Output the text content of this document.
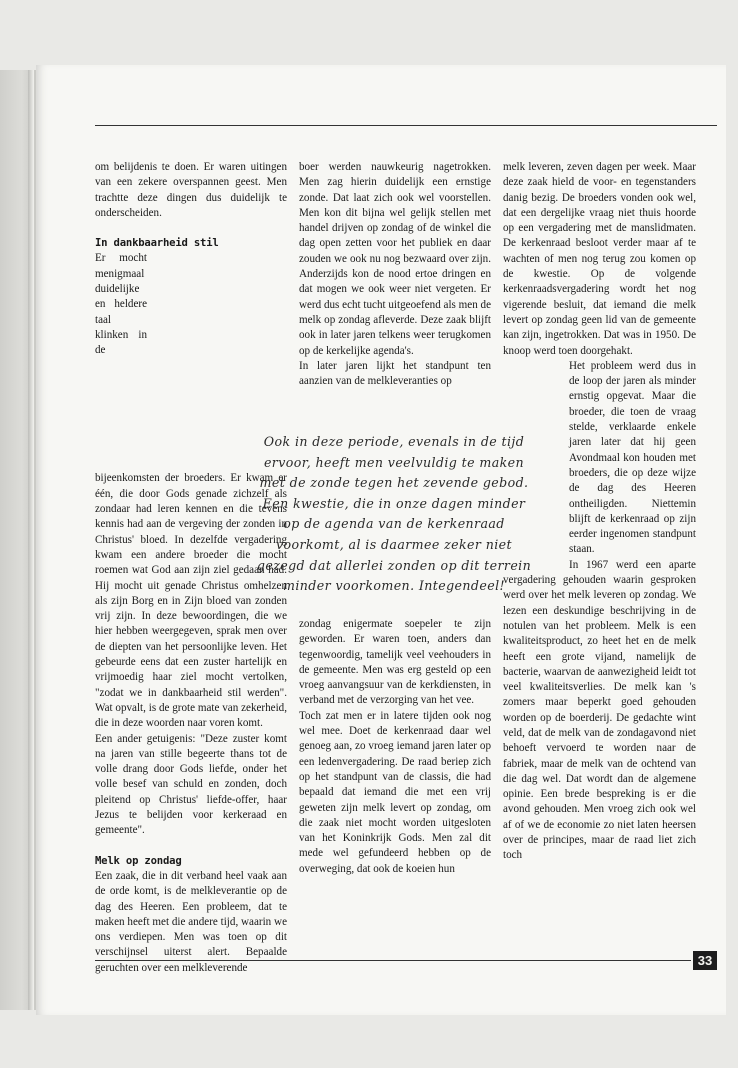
om belijdenis te doen. Er waren uitingen van een zekere overspannen geest. Men trachtte deze dingen dus duidelijk te onderscheiden.

In dankbaarheid stil

Er mocht menigmaal duidelijke en heldere taal klinken in de bijeenkomsten der broeders. Er kwam er één, die door Gods genade zichzelf als zondaar had leren kennen en die tevens kennis had aan de vergeving der zonden in Christus' bloed. In dezelfde vergadering kwam een andere broeder die mocht roemen wat God aan zijn ziel gedaan had. Hij mocht uit genade Christus omhelzen als zijn Borg en in Zijn bloed van zonden vrij zijn. In deze bewoordingen, die we hier hebben weergegeven, sprak men over de diepten van het persoonlijke leven. Het gebeurde eens dat een zuster hartelijk en vrijmoedig haar ziel mocht vertolken, "zodat we in dankbaarheid stil werden". Wat opvalt, is de grote mate van zekerheid, die in deze woorden naar voren komt.

Een ander getuigenis: "Deze zuster komt na jaren van stille begeerte thans tot de volle drang door Gods liefde, onder het volle besef van schuld en zonden, doch pleitend op Christus' liefde-offer, haar Jezus te belijden voor kerkeraad en gemeente".

Melk op zondag

Een zaak, die in dit verband heel vaak aan de orde komt, is de melkleverantie op de dag des Heeren. Een probleem, dat te maken heeft met die andere tijd, waarin we ons verdiepen. Men was toen op dit verschijnsel uiterst alert. Bepaalde geruchten over een melkleverende

boer werden nauwkeurig nagetrokken. Men zag hierin duidelijk een ernstige zonde. Dat laat zich ook wel voorstellen. Men kon dit bijna wel gelijk stellen met handel drijven op zondag of de winkel die dag open zetten voor het publiek en daar zouden we ook nu nog bezwaard over zijn. Anderzijds kon de nood ertoe dringen en dat mogen we ook weer niet vergeten. Er werd dus echt tucht uitgeoefend als men de melk op zondag afleverde. Deze zaak blijft ook in later jaren telkens weer terugkomen op de kerkelijke agenda's.

In later jaren lijkt het standpunt ten aanzien van de melkleveranties op

zondag enigermate soepeler te zijn geworden. Er waren toen, anders dan tegenwoordig, tamelijk veel veehouders in de gemeente. Men was erg gesteld op een vroeg aanvangsuur van de kerkdiensten, in verband met de verzorging van het vee.

Toch zat men er in latere tijden ook nog wel mee. Doet de kerkenraad daar wel genoeg aan, zo vroeg iemand jaren later op een ledenvergadering. De raad beriep zich op het standpunt van de classis, die had bepaald dat iemand die met een vrij geweten zijn melk levert op zondag, om die zaak niet mocht worden uitgesloten van het Koninkrijk Gods. Men zal dit mede wel gefundeerd hebben op de overweging, dat ook de koeien hun

melk leveren, zeven dagen per week. Maar deze zaak hield de voor- en tegenstanders danig bezig. De broeders vonden ook wel, dat een dergelijke vraag niet thuis hoorde op een vergadering met de manslidmaten. De kerkenraad besloot verder maar af te wachten of men nog terug zou komen op de kwestie. Op de volgende kerkenraadsvergadering wordt het nog vigerende besluit, dat iemand die melk levert op zondag geen lid van de gemeente kan zijn, ingetrokken. Dat was in 1950. De knoop werd toen doorgehakt.

Het probleem werd dus in de loop der jaren als minder ernstig opgevat. Maar die broeder, die toen de vraag stelde, verklaarde enkele jaren later dat hij geen Avondmaal kon houden met broeders, die op deze wijze de dag des Heeren ontheiligden. Niettemin blijft de kerkenraad op zijn eerder ingenomen standpunt staan.

In 1967 werd een aparte vergadering gehouden waarin gesproken werd over het melk leveren op zondag. We lezen een deskundige beschrijving in de notulen van het probleem. Melk is een kwaliteitsproduct, zo heet het en de melk heeft een grote vijand, namelijk de bacterie, waarvan de aanwezigheid leidt tot veel kwaliteitsverlies. De melk kan 's zomers maar beperkt goed gehouden worden op de boerderij. De gedachte wint veld, dat de melk van de zondagavond niet behoeft vervoerd te worden naar de fabriek, maar de melk van de ochtend van die dag wel. Dat wordt dan de algemene opinie. Een brede bespreking is er die avond gehouden. Men vroeg zich ook wel af of we de economie zo niet laten heersen over de principes, maar de raad liet zich toch

Ook in deze periode, evenals in de tijd ervoor, heeft men veelvuldig te maken met de zonde tegen het zevende gebod. Een kwestie, die in onze dagen minder op de agenda van de kerkenraad voorkomt, al is daarmee zeker niet gezegd dat allerlei zonden op dit terrein minder voorkomen. Integendeel!
33
